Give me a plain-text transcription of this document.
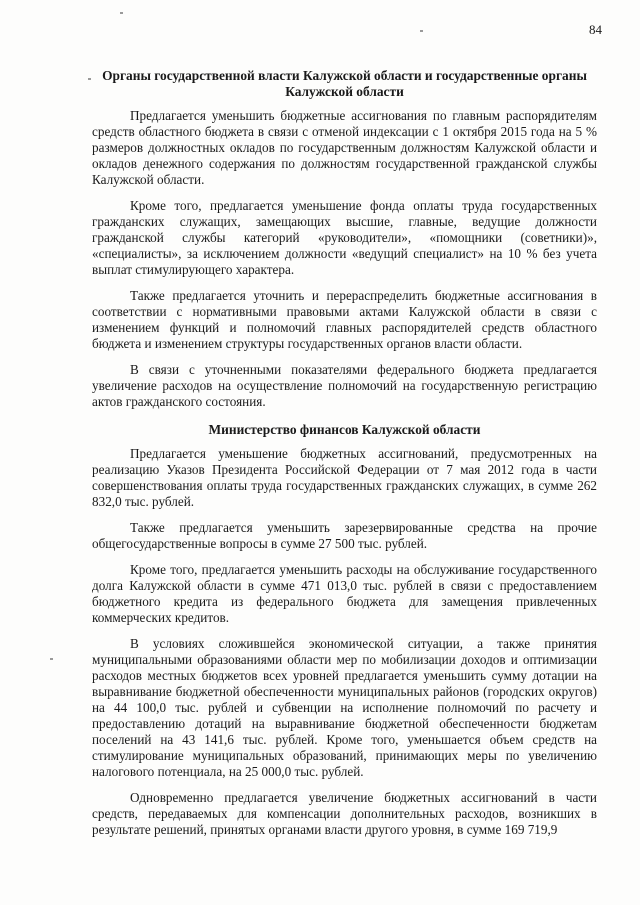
84
Органы государственной власти Калужской области и государственные органы Калужской области

Предлагается уменьшить бюджетные ассигнования по главным распорядителям средств областного бюджета в связи с отменой индексации с 1 октября 2015 года на 5 % размеров должностных окладов по государственным должностям Калужской области и окладов денежного содержания по должностям государственной гражданской службы Калужской области.

Кроме того, предлагается уменьшение фонда оплаты труда государственных гражданских служащих, замещающих высшие, главные, ведущие должности гражданской службы категорий «руководители», «помощники (советники)», «специалисты», за исключением должности «ведущий специалист» на 10 % без учета выплат стимулирующего характера.

Также предлагается уточнить и перераспределить бюджетные ассигнования в соответствии с нормативными правовыми актами Калужской области в связи с изменением функций и полномочий главных распорядителей средств областного бюджета и изменением структуры государственных органов власти области.

В связи с уточненными показателями федерального бюджета предлагается увеличение расходов на осуществление полномочий на государственную регистрацию актов гражданского состояния.

Министерство финансов Калужской области

Предлагается уменьшение бюджетных ассигнований, предусмотренных на реализацию Указов Президента Российской Федерации от 7 мая 2012 года в части совершенствования оплаты труда государственных гражданских служащих, в сумме 262 832,0 тыс. рублей.

Также предлагается уменьшить зарезервированные средства на прочие общегосударственные вопросы в сумме 27 500 тыс. рублей.

Кроме того, предлагается уменьшить расходы на обслуживание государственного долга Калужской области в сумме 471 013,0 тыс. рублей в связи с предоставлением бюджетного кредита из федерального бюджета для замещения привлеченных коммерческих кредитов.

В условиях сложившейся экономической ситуации, а также принятия муниципальными образованиями области мер по мобилизации доходов и оптимизации расходов местных бюджетов всех уровней предлагается уменьшить сумму дотации на выравнивание бюджетной обеспеченности муниципальных районов (городских округов) на 44 100,0 тыс. рублей и субвенции на исполнение полномочий по расчету и предоставлению дотаций на выравнивание бюджетной обеспеченности бюджетам поселений на 43 141,6 тыс. рублей. Кроме того, уменьшается объем средств на стимулирование муниципальных образований, принимающих меры по увеличению налогового потенциала, на 25 000,0 тыс. рублей.

Одновременно предлагается увеличение бюджетных ассигнований в части средств, передаваемых для компенсации дополнительных расходов, возникших в результате решений, принятых органами власти другого уровня, в сумме 169 719,9
